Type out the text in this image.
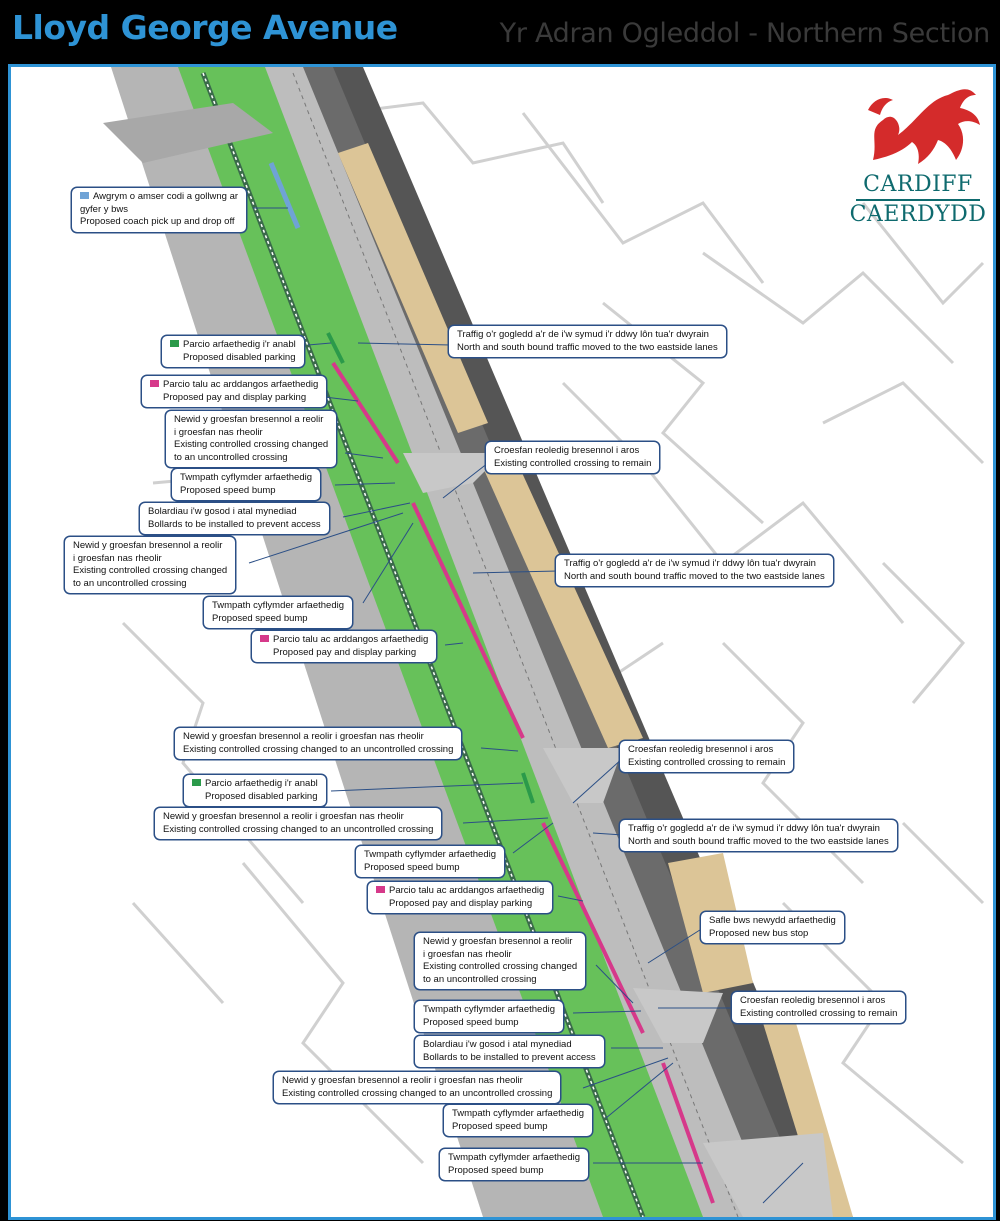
Lloyd George Avenue	Yr Adran Ogleddol - Northern Section
Awgrym o amser codi a gollwng ar
gyfer y bws
Proposed coach pick up and drop off
Parcio arfaethedig i'r anabl
Proposed disabled parking
Parcio talu ac arddangos arfaethedig
Proposed pay and display parking
Newid y groesfan bresennol a reolir
i groesfan nas rheolir
Existing controlled crossing changed
to an uncontrolled crossing
Twmpath cyflymder arfaethedig
Proposed speed bump
Bolardiau i'w gosod i atal mynediad
Bollards to be installed to prevent access
Newid y groesfan bresennol a reolir
i groesfan nas rheolir
Existing controlled crossing changed
to an uncontrolled crossing
Twmpath cyflymder arfaethedig
Proposed speed bump
Parcio talu ac arddangos arfaethedig
Proposed pay and display parking
Traffig o'r gogledd a'r de i'w symud i'r ddwy lôn tua'r dwyrain
North and south bound traffic moved to the two eastside lanes
Croesfan reoledig bresennol i aros
Existing controlled crossing to remain
Traffig o'r gogledd a'r de i'w symud i'r ddwy lôn tua'r dwyrain
North and south bound traffic moved to the two eastside lanes
Newid y groesfan bresennol a reolir i groesfan nas rheolir
Existing controlled crossing changed to an uncontrolled crossing
Parcio arfaethedig i'r anabl
Proposed disabled parking
Newid y groesfan bresennol a reolir i groesfan nas rheolir
Existing controlled crossing changed to an uncontrolled crossing
Croesfan reoledig bresennol i aros
Existing controlled crossing to remain
Traffig o'r gogledd a'r de i'w symud i'r ddwy lôn tua'r dwyrain
North and south bound traffic moved to the two eastside lanes
Twmpath cyflymder arfaethedig
Proposed speed bump
Parcio talu ac arddangos arfaethedig
Proposed pay and display parking
Safle bws newydd arfaethedig
Proposed new bus stop
Newid y groesfan bresennol a reolir
i groesfan nas rheolir
Existing controlled crossing changed
to an uncontrolled crossing
Croesfan reoledig bresennol i aros
Existing controlled crossing to remain
Twmpath cyflymder arfaethedig
Proposed speed bump
Bolardiau i'w gosod i atal mynediad
Bollards to be installed to prevent access
Newid y groesfan bresennol a reolir i groesfan nas rheolir
Existing controlled crossing changed to an uncontrolled crossing
Twmpath cyflymder arfaethedig
Proposed speed bump
Twmpath cyflymder arfaethedig
Proposed speed bump
CARDIFF
CAERDYDD
